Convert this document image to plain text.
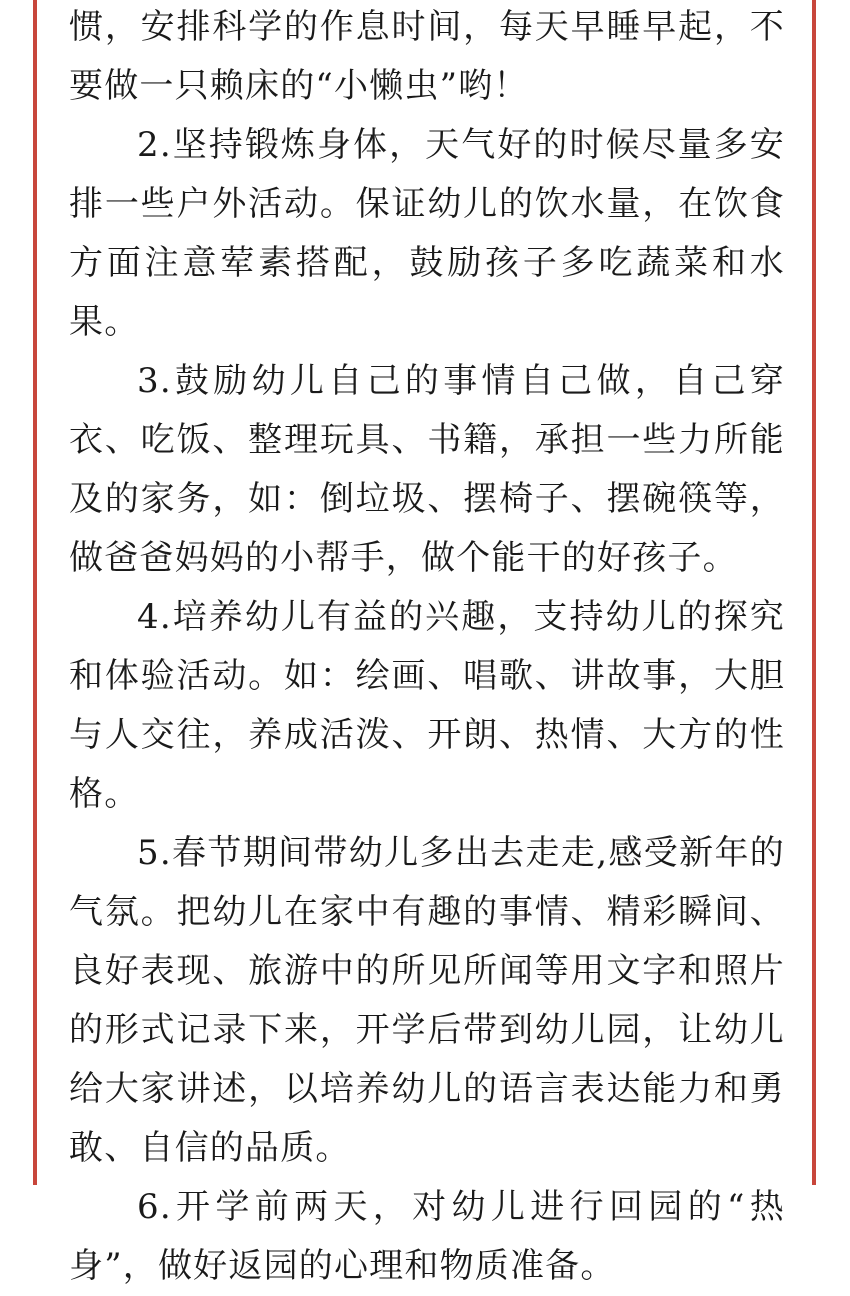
惯，安排科学的作息时间，每天早睡早起，不要做一只赖床的“小懒虫”哟！

2.坚持锻炼身体，天气好的时候尽量多安排一些户外活动。保证幼儿的饮水量，在饮食方面注意荤素搭配，鼓励孩子多吃蔬菜和水果。

3.鼓励幼儿自己的事情自己做，自己穿衣、吃饭、整理玩具、书籍，承担一些力所能及的家务，如：倒垃圾、摆椅子、摆碗筷等，做爸爸妈妈的小帮手，做个能干的好孩子。

4.培养幼儿有益的兴趣，支持幼儿的探究和体验活动。如：绘画、唱歌、讲故事，大胆与人交往，养成活泼、开朗、热情、大方的性格。

5.春节期间带幼儿多出去走走,感受新年的气氛。把幼儿在家中有趣的事情、精彩瞬间、良好表现、旅游中的所见所闻等用文字和照片的形式记录下来，开学后带到幼儿园，让幼儿给大家讲述，以培养幼儿的语言表达能力和勇敢、自信的品质。

6.开学前两天，对幼儿进行回园的“热身”，做好返园的心理和物质准备。
